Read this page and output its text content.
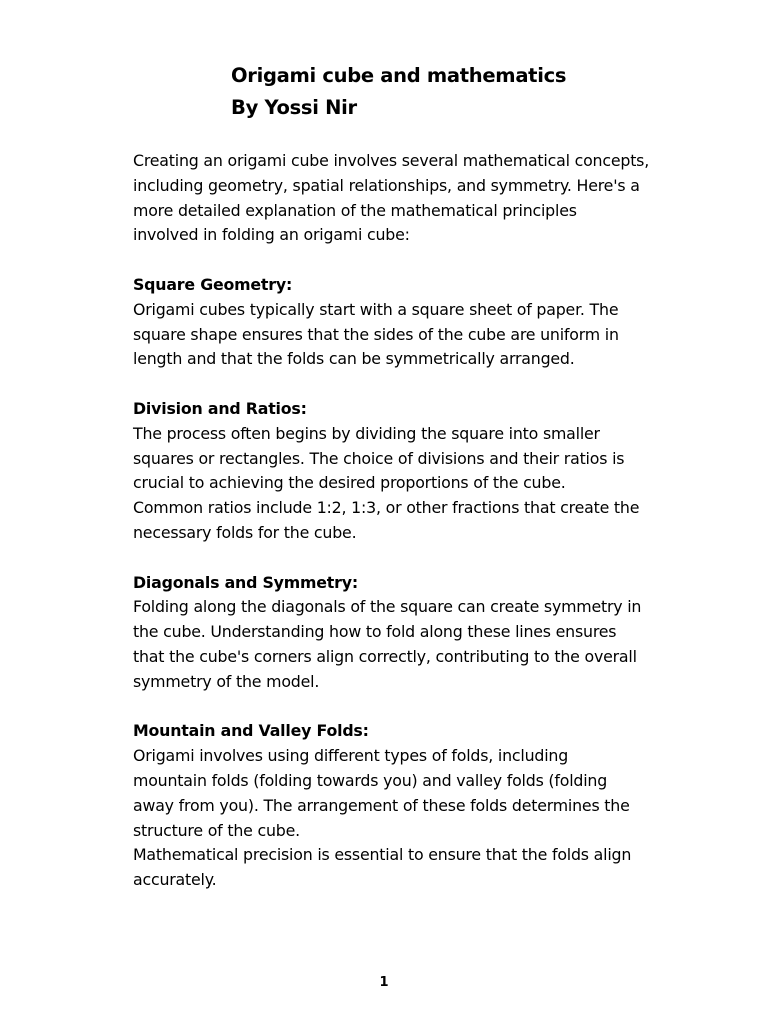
Origami cube and mathematics
By Yossi Nir
Creating an origami cube involves several mathematical concepts,
including geometry, spatial relationships, and symmetry. Here's a
more detailed explanation of the mathematical principles
involved in folding an origami cube:
Square Geometry:
Origami cubes typically start with a square sheet of paper. The
square shape ensures that the sides of the cube are uniform in
length and that the folds can be symmetrically arranged.
Division and Ratios:
The process often begins by dividing the square into smaller
squares or rectangles. The choice of divisions and their ratios is
crucial to achieving the desired proportions of the cube.
Common ratios include 1:2, 1:3, or other fractions that create the
necessary folds for the cube.
Diagonals and Symmetry:
Folding along the diagonals of the square can create symmetry in
the cube. Understanding how to fold along these lines ensures
that the cube's corners align correctly, contributing to the overall
symmetry of the model.
Mountain and Valley Folds:
Origami involves using different types of folds, including
mountain folds (folding towards you) and valley folds (folding
away from you). The arrangement of these folds determines the
structure of the cube.
Mathematical precision is essential to ensure that the folds align
accurately.
1
